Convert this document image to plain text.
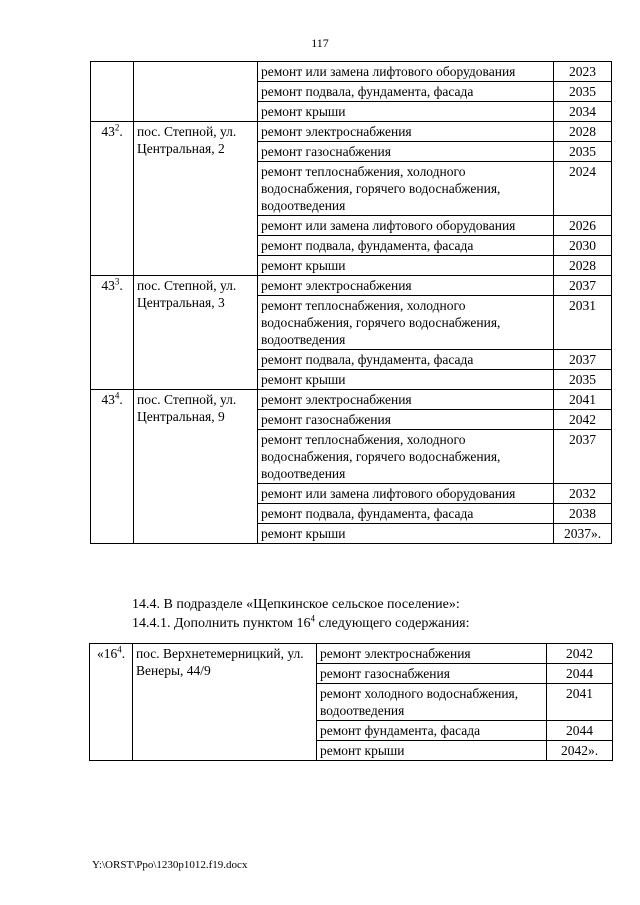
117
		ремонт или замена лифтового оборудования	2023
		ремонт подвала, фундамента, фасада	2035
		ремонт крыши	2034
$43^2$.	пос. Степной, ул. Центральная, 2	ремонт электроснабжения	2028
		ремонт газоснабжения	2035
		ремонт теплоснабжения, холодного водоснабжения, горячего водоснабжения, водоотведения	2024
		ремонт или замена лифтового оборудования	2026
		ремонт подвала, фундамента, фасада	2030
		ремонт крыши	2028
$43^3$.	пос. Степной, ул. Центральная, 3	ремонт электроснабжения	2037
		ремонт теплоснабжения, холодного водоснабжения, горячего водоснабжения, водоотведения	2031
		ремонт подвала, фундамента, фасада	2037
		ремонт крыши	2035
$43^4$.	пос. Степной, ул. Центральная, 9	ремонт электроснабжения	2041
		ремонт газоснабжения	2042
		ремонт теплоснабжения, холодного водоснабжения, горячего водоснабжения, водоотведения	2037
		ремонт или замена лифтового оборудования	2032
		ремонт подвала, фундамента, фасада	2038
		ремонт крыши	2037».
14.4. В подразделе «Щепкинское сельское поселение»:
14.4.1. Дополнить пунктом $16^4$ следующего содержания:
«$16^4$.	пос. Верхнетемерницкий, ул. Венеры, 44/9	ремонт электроснабжения	2042
		ремонт газоснабжения	2044
		ремонт холодного водоснабжения, водоотведения	2041
		ремонт фундамента, фасада	2044
		ремонт крыши	2042».
Y:\ORST\Ppo\1230p1012.f19.docx
